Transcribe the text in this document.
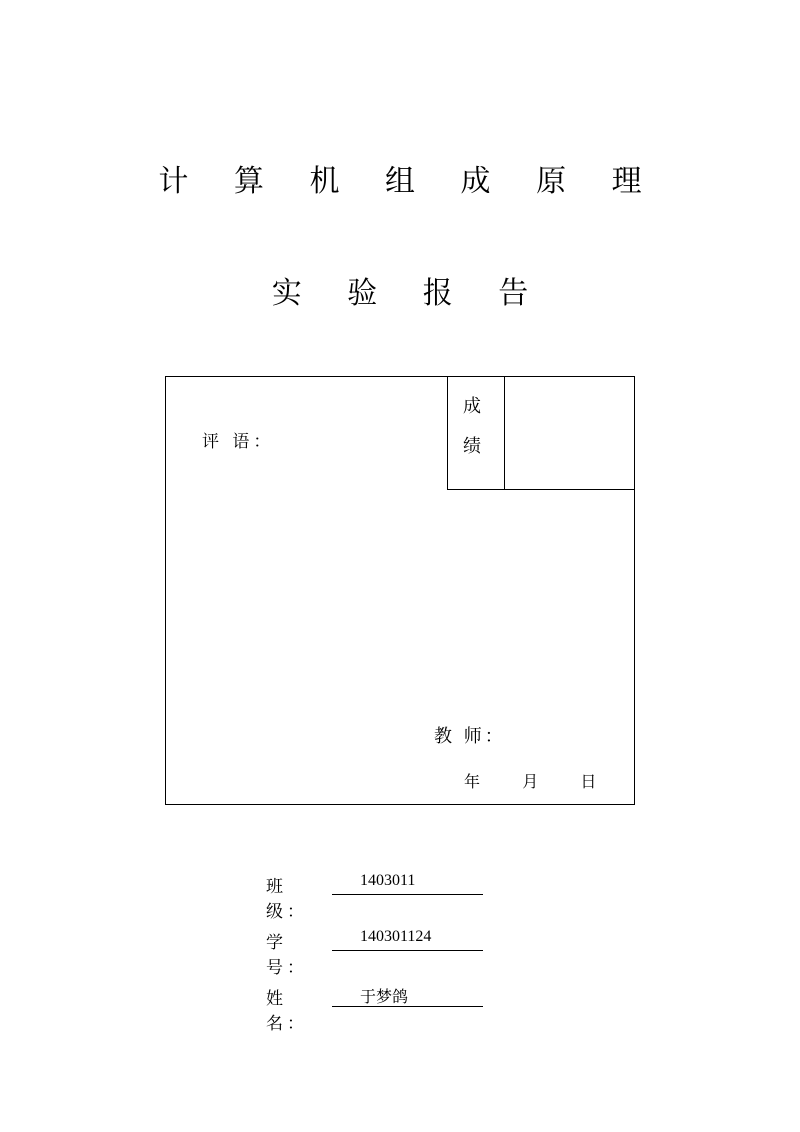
计 算 机 组 成 原 理
实 验 报 告
评 语：
成
绩
教 师：
年	月	日
班 级：
1403011
学 号：
140301124
姓 名：
于梦鸽
